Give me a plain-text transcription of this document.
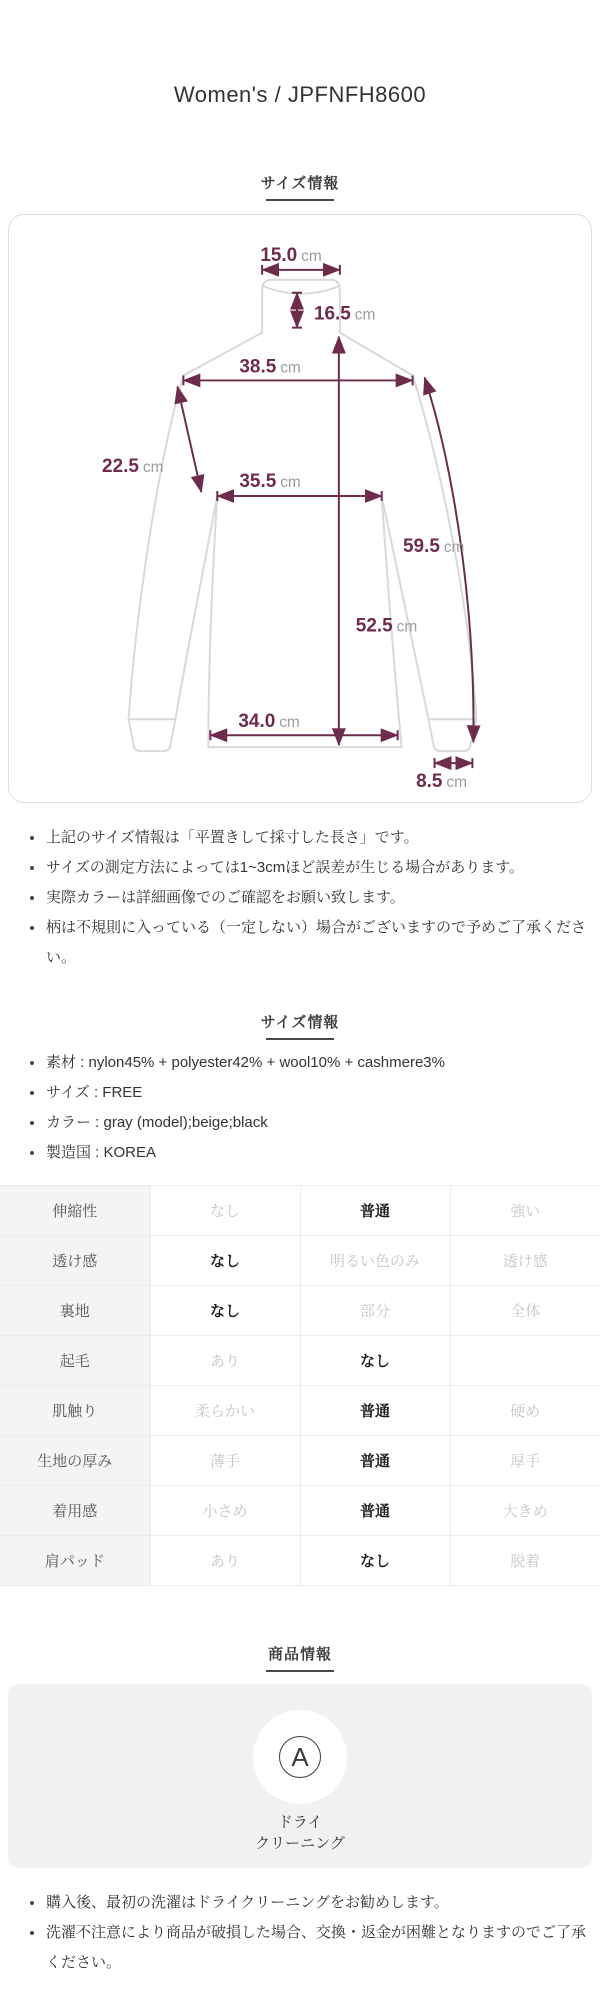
Women's / JPFNFH8600
サイズ情報
15.0 cm
16.5 cm
38.5 cm
22.5 cm
35.5 cm
59.5 cm
52.5 cm
34.0 cm
8.5 cm
上記のサイズ情報は「平置きして採寸した長さ」です。
サイズの測定方法によっては1~3cmほど誤差が生じる場合があります。
実際カラーは詳細画像でのご確認をお願い致します。
柄は不規則に入っている（一定しない）場合がございますので予めご了承ください。
サイズ情報
素材 : nylon45% + polyester42% + wool10% + cashmere3%
サイズ : FREE
カラー : gray (model);beige;black
製造国 : KOREA
伸縮性	なし	普通	強い
透け感	なし	明るい色のみ	透け感
裏地	なし	部分	全体
起毛	あり	なし	
肌触り	柔らかい	普通	硬め
生地の厚み	薄手	普通	厚手
着用感	小さめ	普通	大きめ
肩パッド	あり	なし	脱着
商品情報
A
ドライ
クリーニング
購入後、最初の洗濯はドライクリーニングをお勧めします。
洗濯不注意により商品が破損した場合、交換・返金が困難となりますのでご了承ください。
